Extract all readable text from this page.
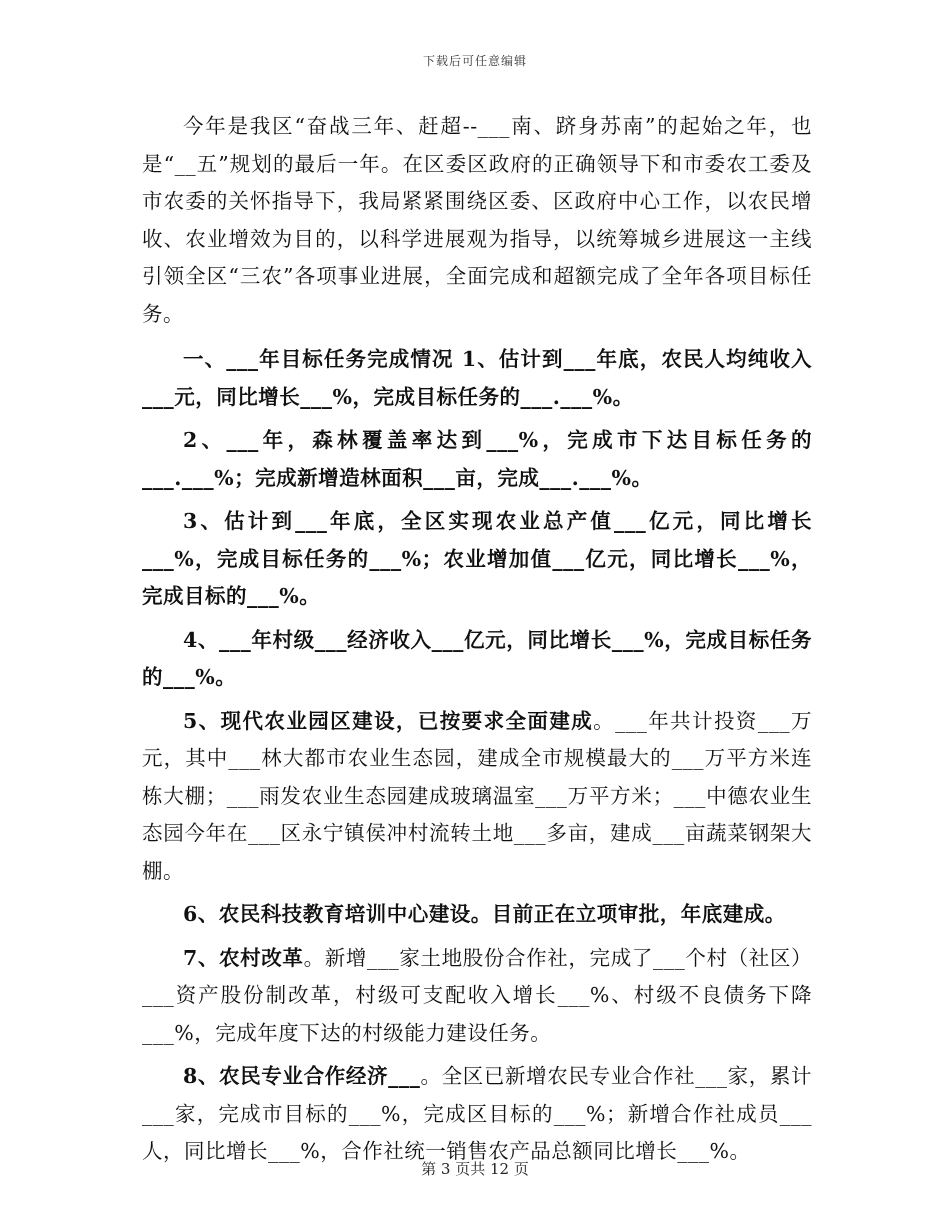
下载后可任意编辑

今年是我区“奋战三年、赶超--___南、跻身苏南”的起始之年，也是“__五”规划的最后一年。在区委区政府的正确领导下和市委农工委及市农委的关怀指导下，我局紧紧围绕区委、区政府中心工作，以农民增收、农业增效为目的，以科学进展观为指导，以统筹城乡进展这一主线引领全区“三农”各项事业进展，全面完成和超额完成了全年各项目标任务。

一、___年目标任务完成情况 1、估计到___年底，农民人均纯收入___元，同比增长___%，完成目标任务的___.___%。

2、___年，森林覆盖率达到___%，完成市下达目标任务的___.___%；完成新增造林面积___亩，完成___.___%。

3、估计到___年底，全区实现农业总产值___亿元，同比增长___%，完成目标任务的___%；农业增加值___亿元，同比增长___%，完成目标的___%。

4、___年村级___经济收入___亿元，同比增长___%，完成目标任务的___%。

5、现代农业园区建设，已按要求全面建成。___年共计投资___万元，其中___林大都市农业生态园，建成全市规模最大的___万平方米连栋大棚；___雨发农业生态园建成玻璃温室___万平方米；___中德农业生态园今年在___区永宁镇侯冲村流转土地___多亩，建成___亩蔬菜钢架大棚。

6、农民科技教育培训中心建设。目前正在立项审批，年底建成。

7、农村改革。新增___家土地股份合作社，完成了___个村（社区）___资产股份制改革，村级可支配收入增长___%、村级不良债务下降___%，完成年度下达的村级能力建设任务。

8、农民专业合作经济___。全区已新增农民专业合作社___家，累计___家，完成市目标的___%，完成区目标的___%；新增合作社成员___人，同比增长___%，合作社统一销售农产品总额同比增长___%。

第 3 页共 12 页
